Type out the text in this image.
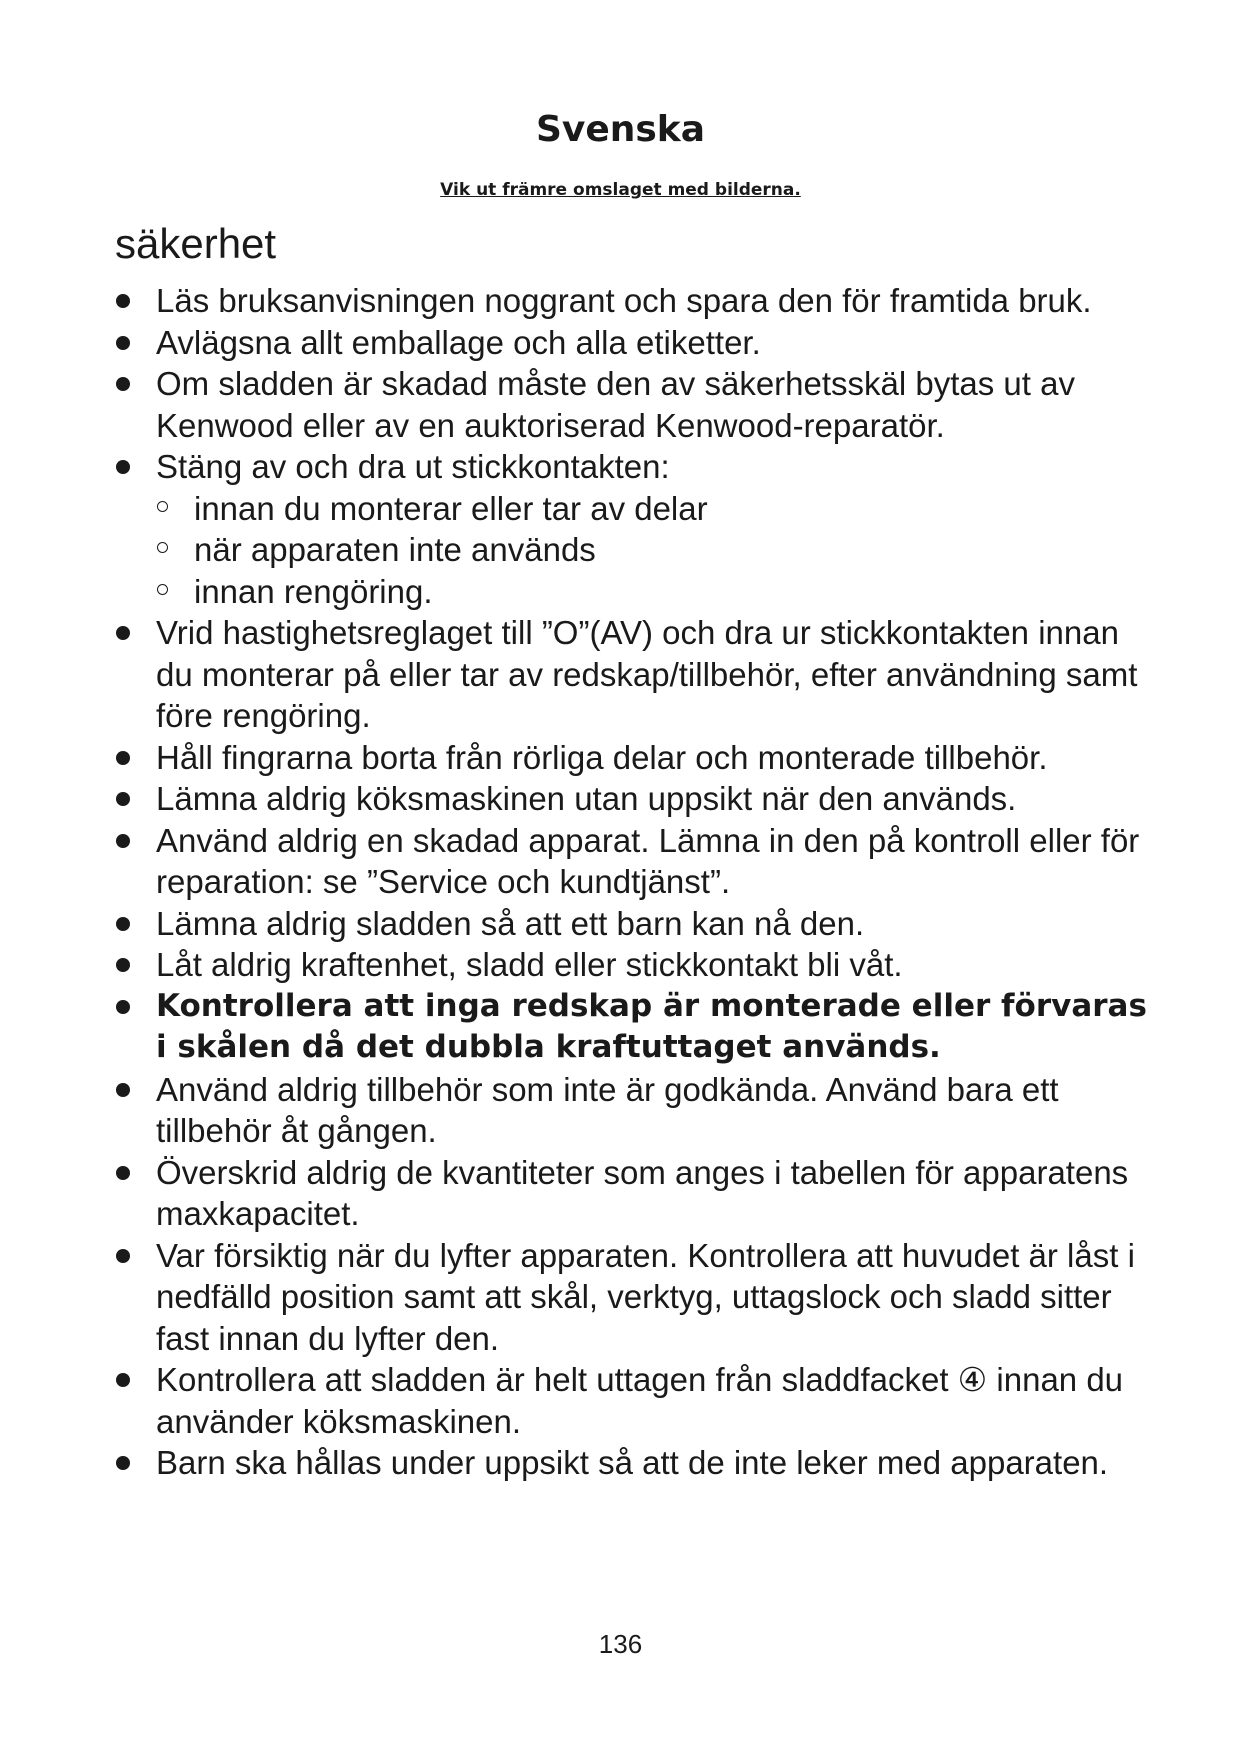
Svenska
Vik ut främre omslaget med bilderna.
säkerhet
Läs bruksanvisningen noggrant och spara den för framtida bruk.
Avlägsna allt emballage och alla etiketter.
Om sladden är skadad måste den av säkerhetsskäl bytas ut av Kenwood eller av en auktoriserad Kenwood-reparatör.
Stäng av och dra ut stickkontakten:
innan du monterar eller tar av delar
när apparaten inte används
innan rengöring.
Vrid hastighetsreglaget till ”O”(AV) och dra ur stickkontakten innan du monterar på eller tar av redskap/tillbehör, efter användning samt före rengöring.
Håll fingrarna borta från rörliga delar och monterade tillbehör.
Lämna aldrig köksmaskinen utan uppsikt när den används.
Använd aldrig en skadad apparat. Lämna in den på kontroll eller för reparation: se ”Service och kundtjänst”.
Lämna aldrig sladden så att ett barn kan nå den.
Låt aldrig kraftenhet, sladd eller stickkontakt bli våt.
Kontrollera att inga redskap är monterade eller förvaras i skålen då det dubbla kraftuttaget används.
Använd aldrig tillbehör som inte är godkända. Använd bara ett tillbehör åt gången.
Överskrid aldrig de kvantiteter som anges i tabellen för apparatens maxkapacitet.
Var försiktig när du lyfter apparaten. Kontrollera att huvudet är låst i nedfälld position samt att skål, verktyg, uttagslock och sladd sitter fast innan du lyfter den.
Kontrollera att sladden är helt uttagen från sladdfacket ④ innan du använder köksmaskinen.
Barn ska hållas under uppsikt så att de inte leker med apparaten.
136
